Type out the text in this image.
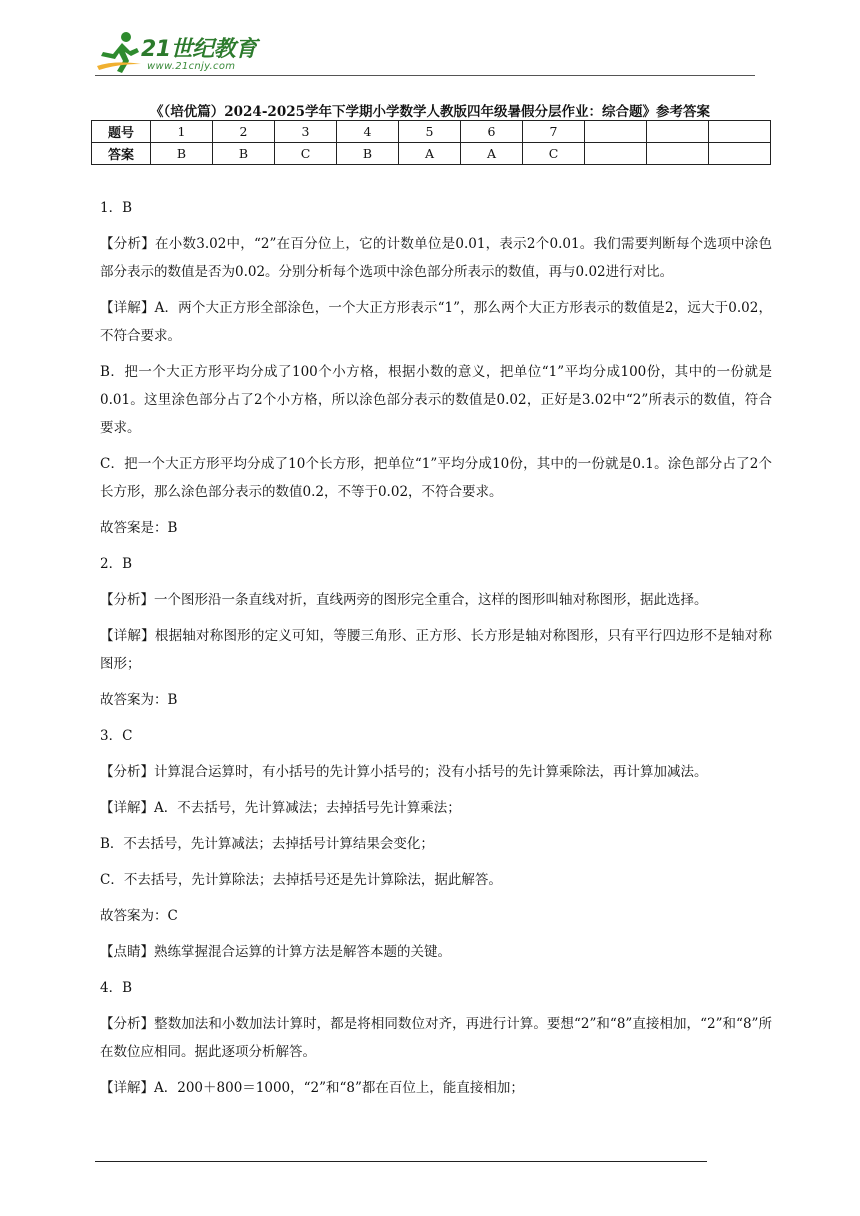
21世纪教育
www.21cnjy.com
《（培优篇）2024-2025学年下学期小学数学人教版四年级暑假分层作业：综合题》参考答案
题号	1	2	3	4	5	6	7			
答案	B	B	C	B	A	A	C			

1．B

【分析】在小数3.02中，“2”在百分位上，它的计数单位是0.01，表示2个0.01。我们需要判断每个选项中涂色部分表示的数值是否为0.02。分别分析每个选项中涂色部分所表示的数值，再与0.02进行对比。

【详解】A．两个大正方形全部涂色，一个大正方形表示“1”，那么两个大正方形表示的数值是2，远大于0.02，不符合要求。

B．把一个大正方形平均分成了100个小方格，根据小数的意义，把单位“1”平均分成100份，其中的一份就是0.01。这里涂色部分占了2个小方格，所以涂色部分表示的数值是0.02，正好是3.02中“2”所表示的数值，符合要求。

C．把一个大正方形平均分成了10个长方形，把单位“1”平均分成10份，其中的一份就是0.1。涂色部分占了2个长方形，那么涂色部分表示的数值0.2，不等于0.02，不符合要求。

故答案是：B

2．B

【分析】一个图形沿一条直线对折，直线两旁的图形完全重合，这样的图形叫轴对称图形，据此选择。

【详解】根据轴对称图形的定义可知，等腰三角形、正方形、长方形是轴对称图形，只有平行四边形不是轴对称图形；

故答案为：B

3．C

【分析】计算混合运算时，有小括号的先计算小括号的；没有小括号的先计算乘除法，再计算加减法。

【详解】A．不去括号，先计算减法；去掉括号先计算乘法；

B．不去括号，先计算减法；去掉括号计算结果会变化；

C．不去括号，先计算除法；去掉括号还是先计算除法，据此解答。

故答案为：C

【点睛】熟练掌握混合运算的计算方法是解答本题的关键。

4．B

【分析】整数加法和小数加法计算时，都是将相同数位对齐，再进行计算。要想“2”和“8”直接相加，“2”和“8”所在数位应相同。据此逐项分析解答。

【详解】A．200＋800＝1000，“2”和“8”都在百位上，能直接相加；
